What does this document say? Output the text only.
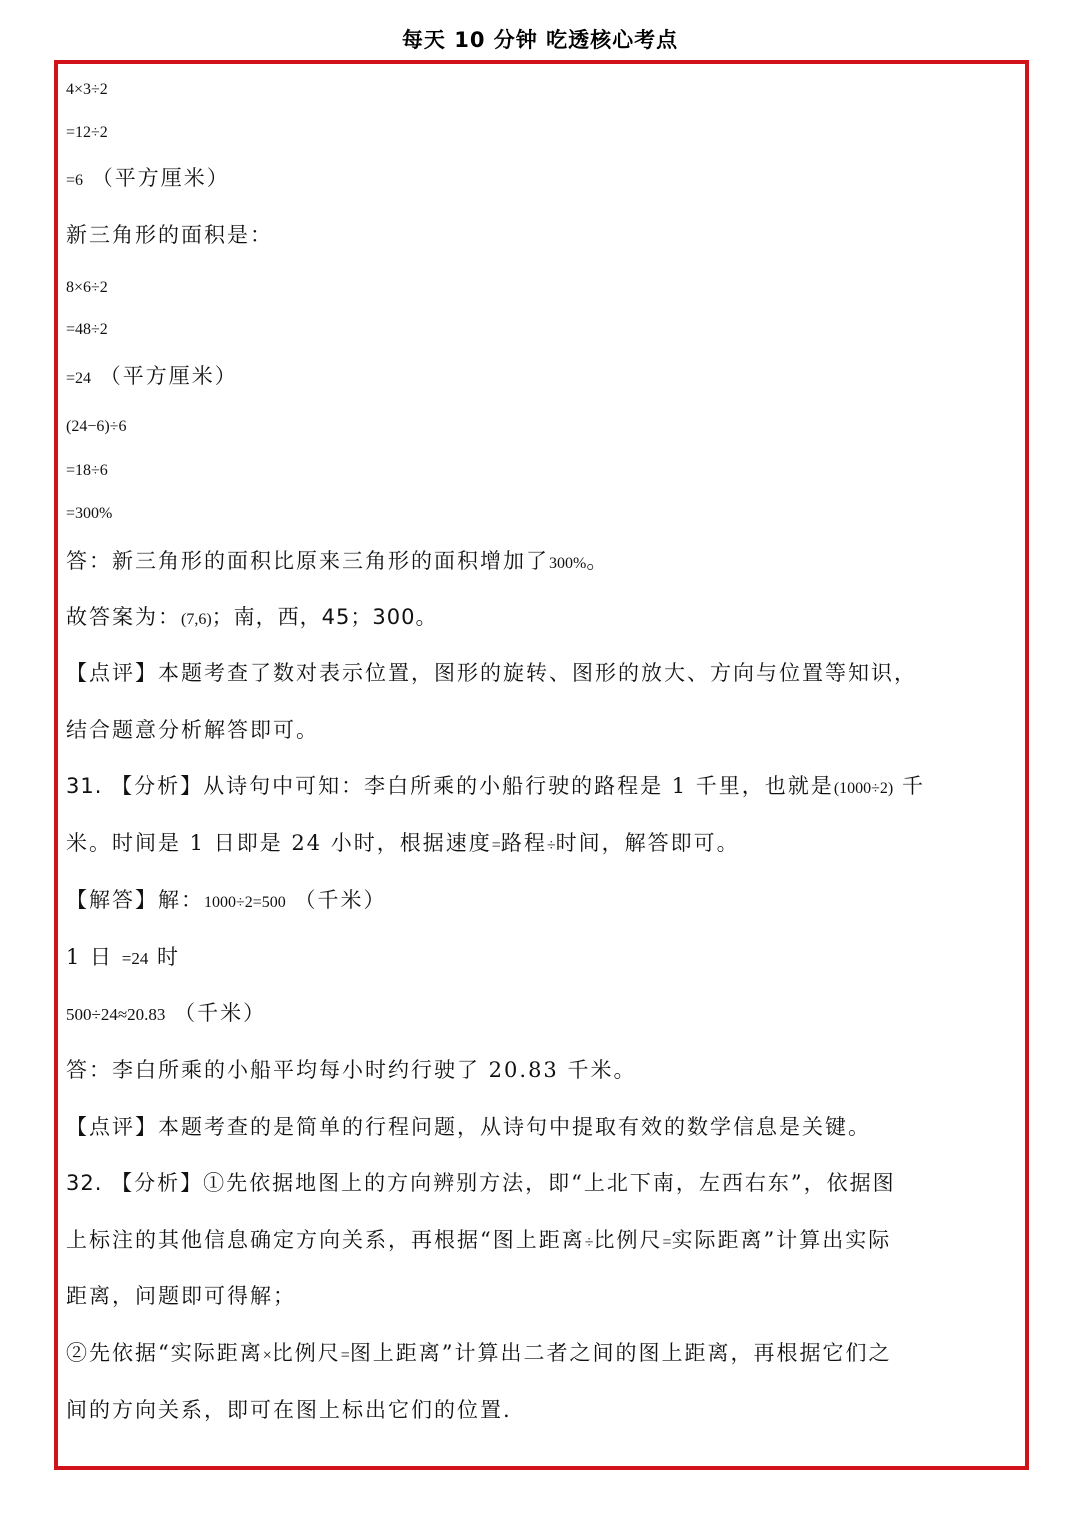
每天 10 分钟 吃透核心考点
4×3÷2
=12÷2
=6 （平方厘米）
新三角形的面积是：
8×6÷2
=48÷2
=24 （平方厘米）
(24−6)÷6
=18÷6
=300%
答：新三角形的面积比原来三角形的面积增加了300%。
故答案为：(7,6)；南，西，45；300。
【点评】本题考查了数对表示位置，图形的旋转、图形的放大、方向与位置等知识，
结合题意分析解答即可。
31. 【分析】从诗句中可知：李白所乘的小船行驶的路程是 1 千里，也就是(1000÷2) 千
米。时间是 1 日即是 24 小时，根据速度=路程÷时间，解答即可。
【解答】解：1000÷2=500 （千米）
1 日 =24 时
500÷24≈20.83 （千米）
答：李白所乘的小船平均每小时约行驶了 20.83 千米。
【点评】本题考查的是简单的行程问题，从诗句中提取有效的数学信息是关键。
32. 【分析】①先依据地图上的方向辨别方法，即“上北下南，左西右东”，依据图
上标注的其他信息确定方向关系，再根据“图上距离÷比例尺=实际距离”计算出实际
距离，问题即可得解；
②先依据“实际距离×比例尺=图上距离”计算出二者之间的图上距离，再根据它们之
间的方向关系，即可在图上标出它们的位置.
